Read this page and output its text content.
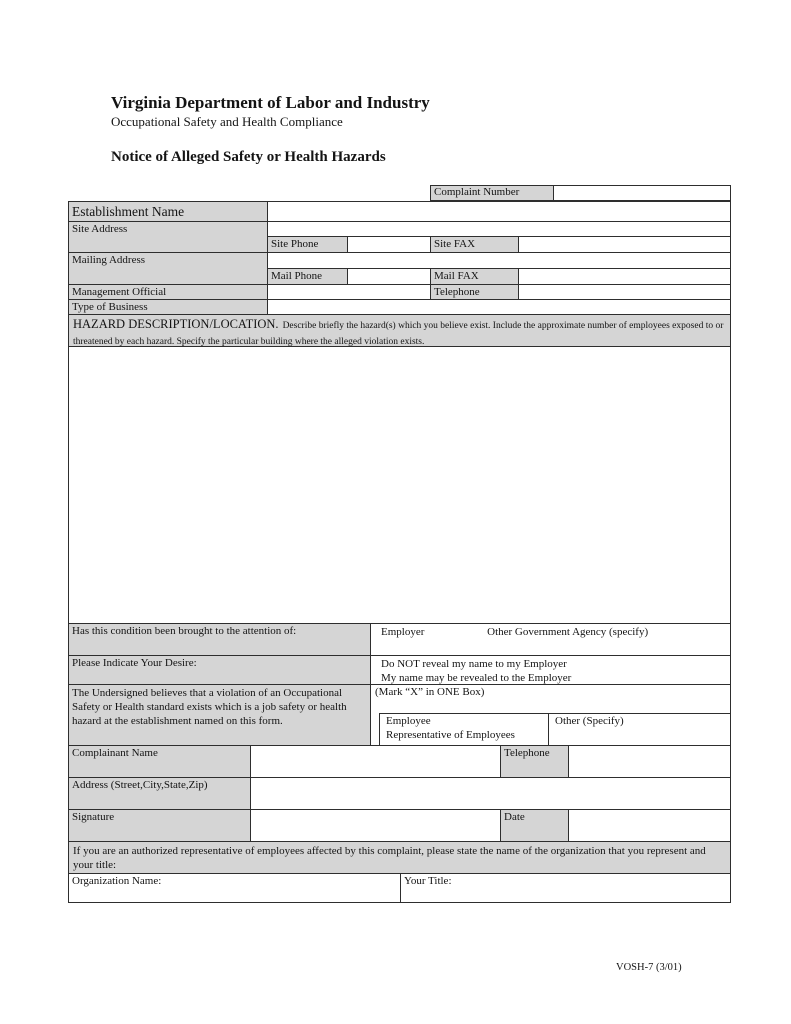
Virginia Department of Labor and Industry
Occupational Safety and Health Compliance
Notice of Alleged Safety or Health Hazards
Complaint Number
Establishment Name
Site Address
Site Phone	Site FAX
Mailing Address
Mail Phone	Mail FAX
Management Official	Telephone
Type of Business
HAZARD DESCRIPTION/LOCATION. Describe briefly the hazard(s) which you believe exist. Include the approximate number of employees exposed to or threatened by each hazard. Specify the particular building where the alleged violation exists.
Has this condition been brought to the attention of:	Employer	Other Government Agency (specify)
Please Indicate Your Desire:	Do NOT reveal my name to my Employer
My name may be revealed to the Employer
The Undersigned believes that a violation of an Occupational Safety or Health standard exists which is a job safety or health hazard at the establishment named on this form.
(Mark “X” in ONE Box)
Employee
Representative of Employees
Other (Specify)
Complainant Name	Telephone
Address (Street,City,State,Zip)
Signature	Date
If you are an authorized representative of employees affected by this complaint, please state the name of the organization that you represent and your title:
Organization Name:	Your Title:
VOSH-7 (3/01)
